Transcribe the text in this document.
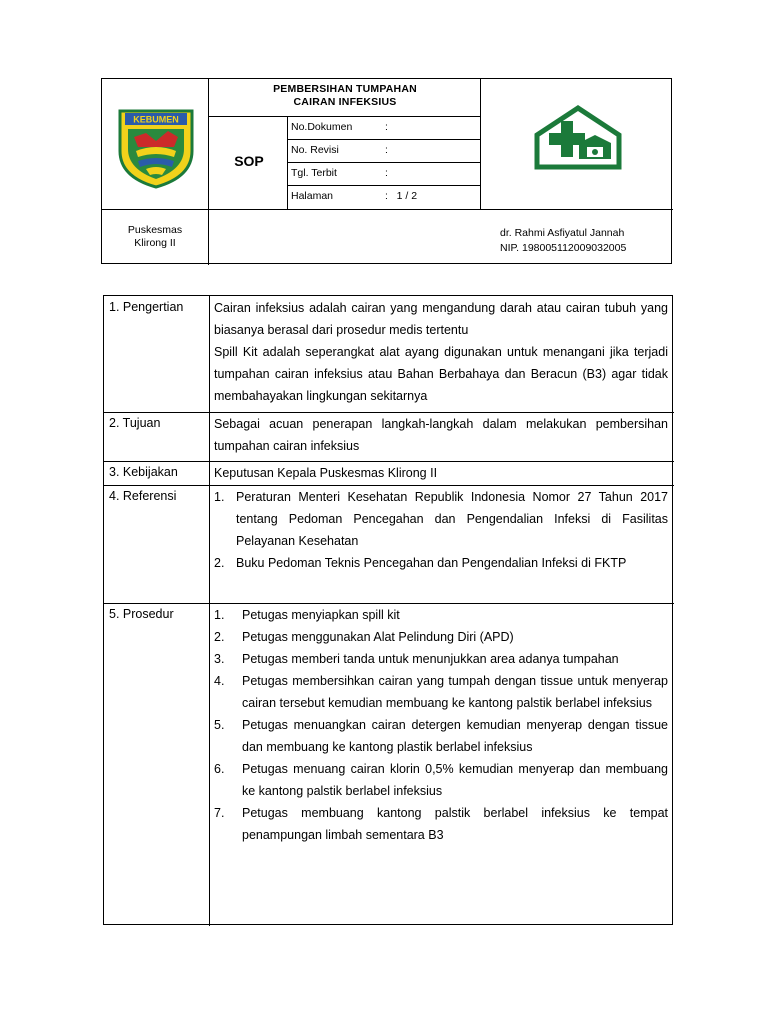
KEBUMEN
PEMBERSIHAN TUMPAHAN
CAIRAN INFEKSIUS
SOP
No.Dokumen	:
No. Revisi	:
Tgl. Terbit	:
Halaman	:   1 / 2
Puskesmas
Klirong II
dr. Rahmi Asfiyatul Jannah
NIP. 198005112009032005
1. Pengertian Cairan infeksius adalah cairan yang mengandung darah atau cairan tubuh yang biasanya berasal dari prosedur medis tertentu

Spill Kit adalah seperangkat alat ayang digunakan untuk menangani jika terjadi tumpahan cairan infeksius atau Bahan Berbahaya dan Beracun (B3) agar tidak membahayakan lingkungan sekitarnya

2. Tujuan	Sebagai acuan penerapan langkah-langkah dalam melakukan pembersihan tumpahan cairan infeksius

3. Kebijakan	Keputusan Kepala Puskesmas Klirong II

4. Referensi	1. Peraturan Menteri Kesehatan Republik Indonesia Nomor 27 Tahun 2017 tentang Pedoman Pencegahan dan Pengendalian Infeksi di Fasilitas Pelayanan Kesehatan
2. Buku Pedoman Teknis Pencegahan dan Pengendalian Infeksi di FKTP
5. Prosedur	1. Petugas menyiapkan spill kit
2. Petugas menggunakan Alat Pelindung Diri (APD)
3. Petugas memberi tanda untuk menunjukkan area adanya tumpahan
4. Petugas membersihkan cairan yang tumpah dengan tissue untuk menyerap cairan tersebut kemudian membuang ke kantong palstik berlabel infeksius
5. Petugas menuangkan cairan detergen kemudian menyerap dengan tissue dan membuang ke kantong plastik berlabel infeksius
6. Petugas menuang cairan klorin 0,5% kemudian menyerap dan membuang ke kantong palstik berlabel infeksius
7. Petugas membuang kantong palstik berlabel infeksius ke tempat penampungan limbah sementara B3
